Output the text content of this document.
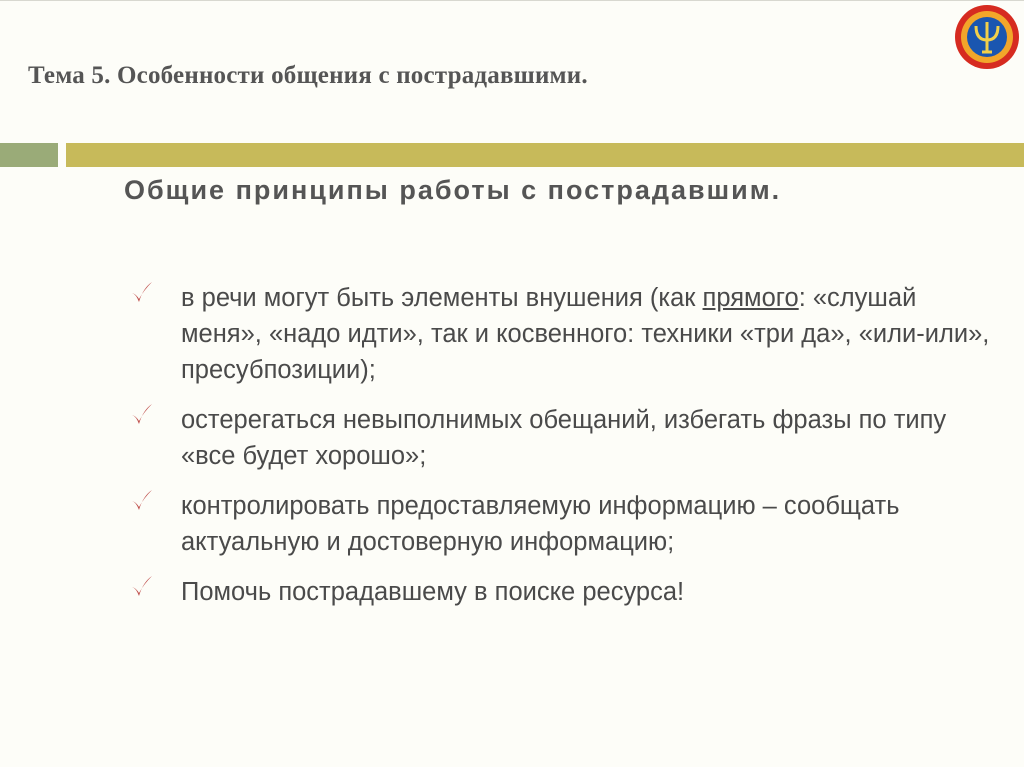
Тема 5. Особенности общения с пострадавшими.
Общие принципы работы с пострадавшим.
в речи могут быть элементы внушения (как прямого: «слушай меня», «надо идти», так и косвенного: техники «три да», «или-или», пресубпозиции);
остерегаться невыполнимых обещаний, избегать фразы по типу «все будет хорошо»;
контролировать предоставляемую информацию – сообщать актуальную и достоверную информацию;
Помочь пострадавшему в поиске ресурса!
